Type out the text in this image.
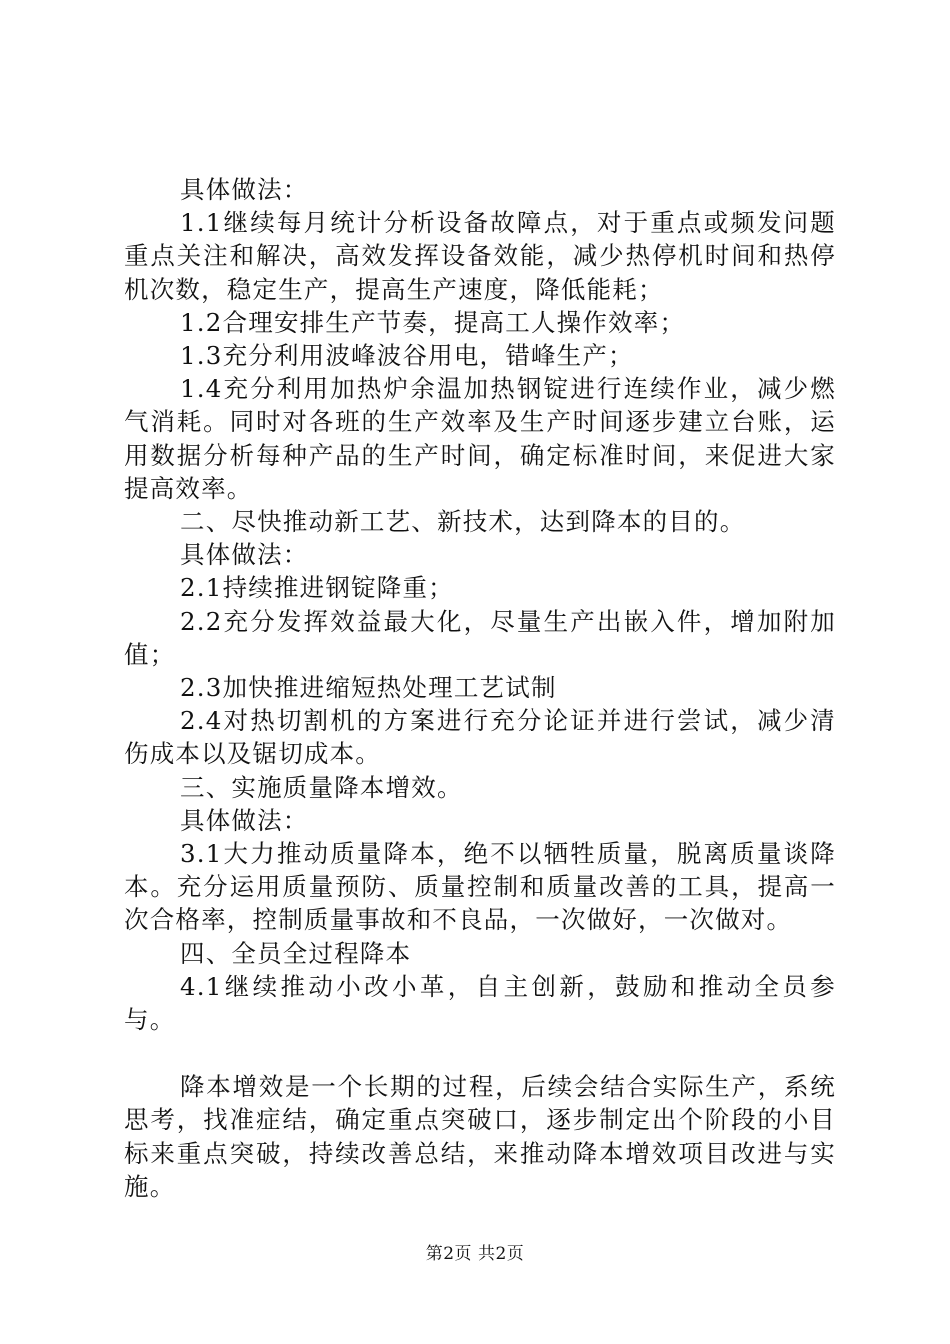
具体做法：

1.1继续每月统计分析设备故障点，对于重点或频发问题重点关注和解决，高效发挥设备效能，减少热停机时间和热停机次数，稳定生产，提高生产速度，降低能耗；

1.2合理安排生产节奏，提高工人操作效率；

1.3充分利用波峰波谷用电，错峰生产；

1.4充分利用加热炉余温加热钢锭进行连续作业，减少燃气消耗。同时对各班的生产效率及生产时间逐步建立台账，运用数据分析每种产品的生产时间，确定标准时间，来促进大家提高效率。

二、尽快推动新工艺、新技术，达到降本的目的。

具体做法：

2.1持续推进钢锭降重；

2.2充分发挥效益最大化，尽量生产出嵌入件，增加附加值；

2.3加快推进缩短热处理工艺试制

2.4对热切割机的方案进行充分论证并进行尝试，减少清伤成本以及锯切成本。

三、实施质量降本增效。

具体做法：

3.1大力推动质量降本，绝不以牺牲质量，脱离质量谈降本。充分运用质量预防、质量控制和质量改善的工具，提高一次合格率，控制质量事故和不良品，一次做好，一次做对。

四、全员全过程降本

4.1继续推动小改小革，自主创新，鼓励和推动全员参与。

降本增效是一个长期的过程，后续会结合实际生产，系统思考，找准症结，确定重点突破口，逐步制定出个阶段的小目标来重点突破，持续改善总结，来推动降本增效项目改进与实施。

第2页 共2页
